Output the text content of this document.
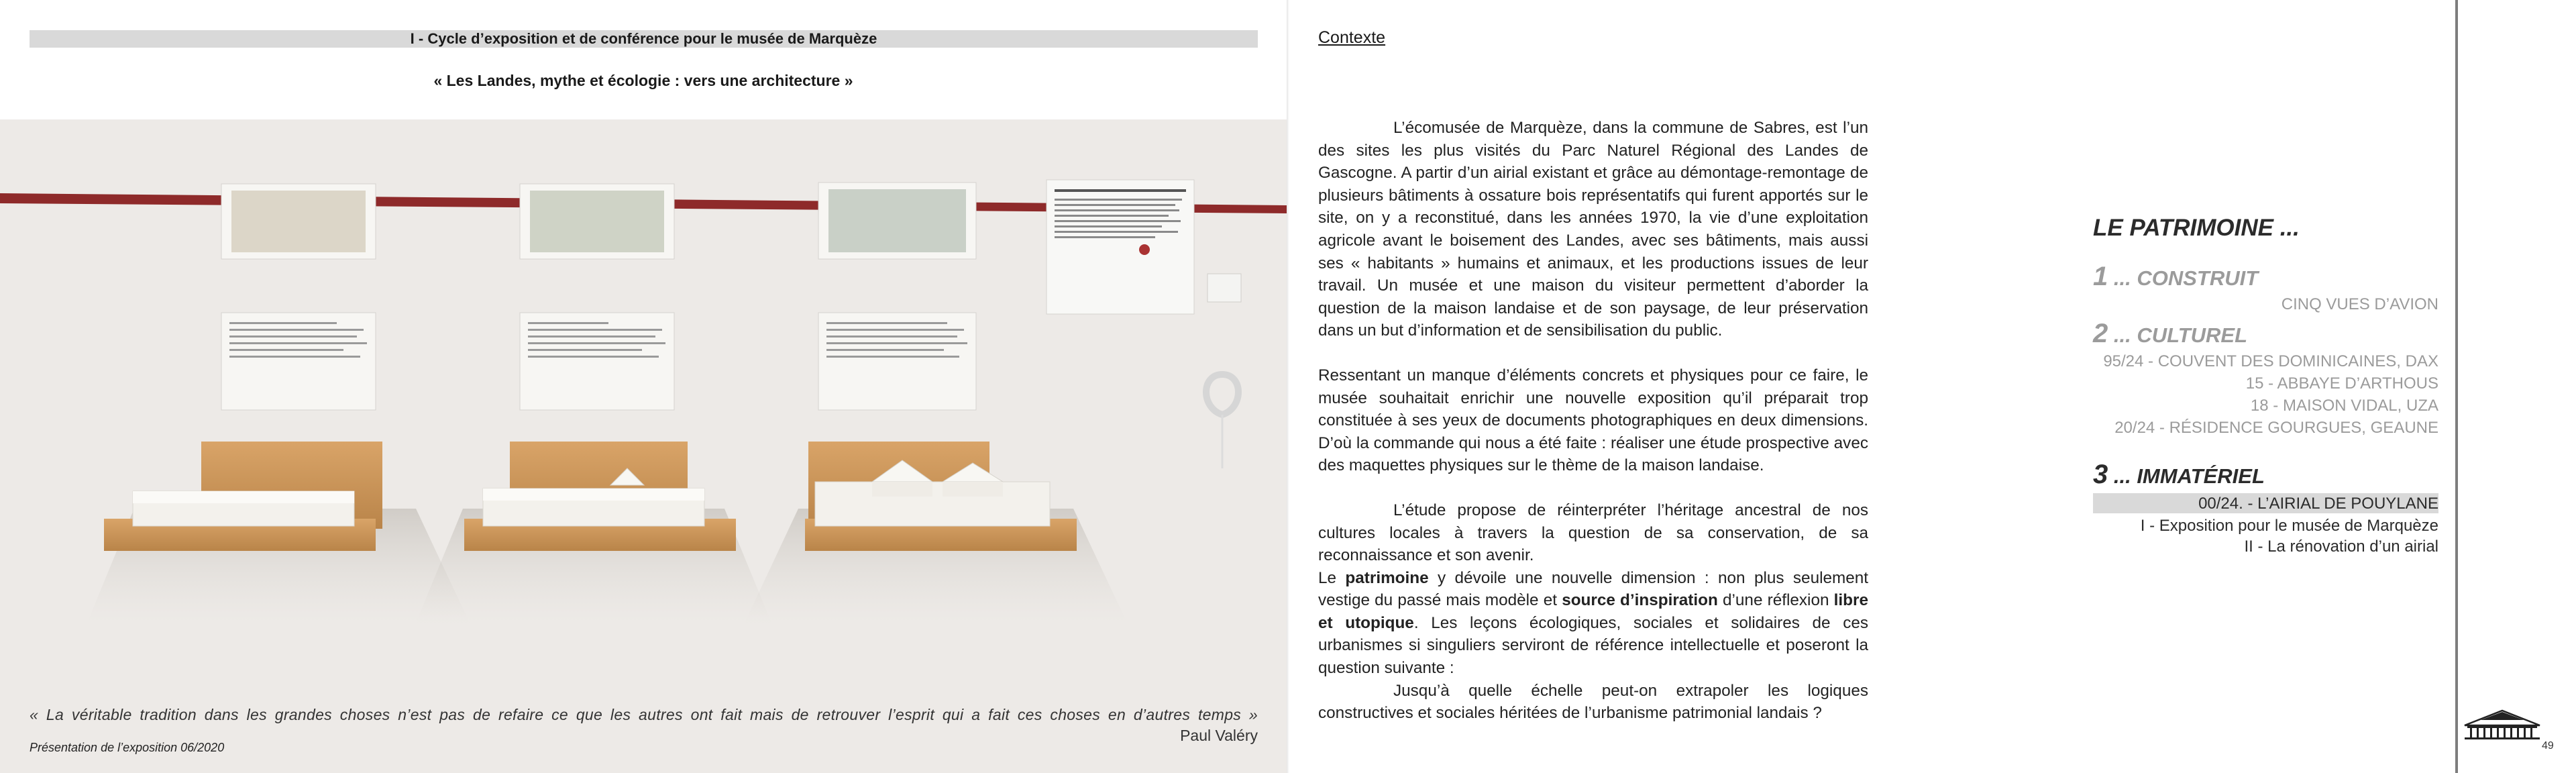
I - Cycle d’exposition et de conférence pour le musée de Marquèze
« Les Landes, mythe et écologie : vers une architecture »
« La véritable tradition dans les grandes choses n’est pas de refaire ce que les autres ont fait mais de retrouver l’esprit qui a fait ces choses en d’autres temps »
Paul Valéry
Présentation de l’exposition 06/2020
Contexte

L’écomusée de Marquèze, dans la commune de Sabres, est l’un des sites les plus visités du Parc Naturel Régional des Landes de Gascogne. A partir d’un airial existant et grâce au démontage-remontage de plusieurs bâtiments à ossature bois représentatifs qui furent apportés sur le site, on y a reconstitué, dans les années 1970, la vie d’une exploitation agricole avant le boisement des Landes, avec ses bâtiments, mais aussi ses « habitants » humains et animaux, et les productions issues de leur travail. Un musée et une maison du visiteur permettent d’aborder la question de la maison landaise et de son paysage, de leur préservation dans un but d’information et de sensibilisation du public.

Ressentant un manque d’éléments concrets et physiques pour ce faire, le musée souhaitait enrichir une nouvelle exposition qu’il préparait trop constituée à ses yeux de documents photographiques en deux dimensions. D’où la commande qui nous a été faite : réaliser une étude prospective avec des maquettes physiques sur le thème de la maison landaise.

L’étude propose de réinterpréter l’héritage ancestral de nos cultures locales à travers la question de sa conservation, de sa reconnaissance et son avenir.

Le patrimoine y dévoile une nouvelle dimension : non plus seulement vestige du passé mais modèle et source d’inspiration d’une réflexion libre et utopique. Les leçons écologiques, sociales et solidaires de ces urbanismes si singuliers serviront de référence intellectuelle et poseront la question suivante :

Jusqu’à quelle échelle peut-on extrapoler les logiques constructives et sociales héritées de l’urbanisme patrimonial landais ?

LE PATRIMOINE ...
1 ... CONSTRUIT
CINQ VUES D’AVION
2 ... CULTUREL
95/24 - COUVENT DES DOMINICAINES, DAX
15 - ABBAYE D’ARTHOUS
18 - MAISON VIDAL, UZA
20/24 - RÉSIDENCE GOURGUES, GEAUNE
3 ... IMMATÉRIEL
00/24. - L’AIRIAL DE POUYLANE
I - Exposition pour le musée de Marquèze
II - La rénovation d’un airial
49
